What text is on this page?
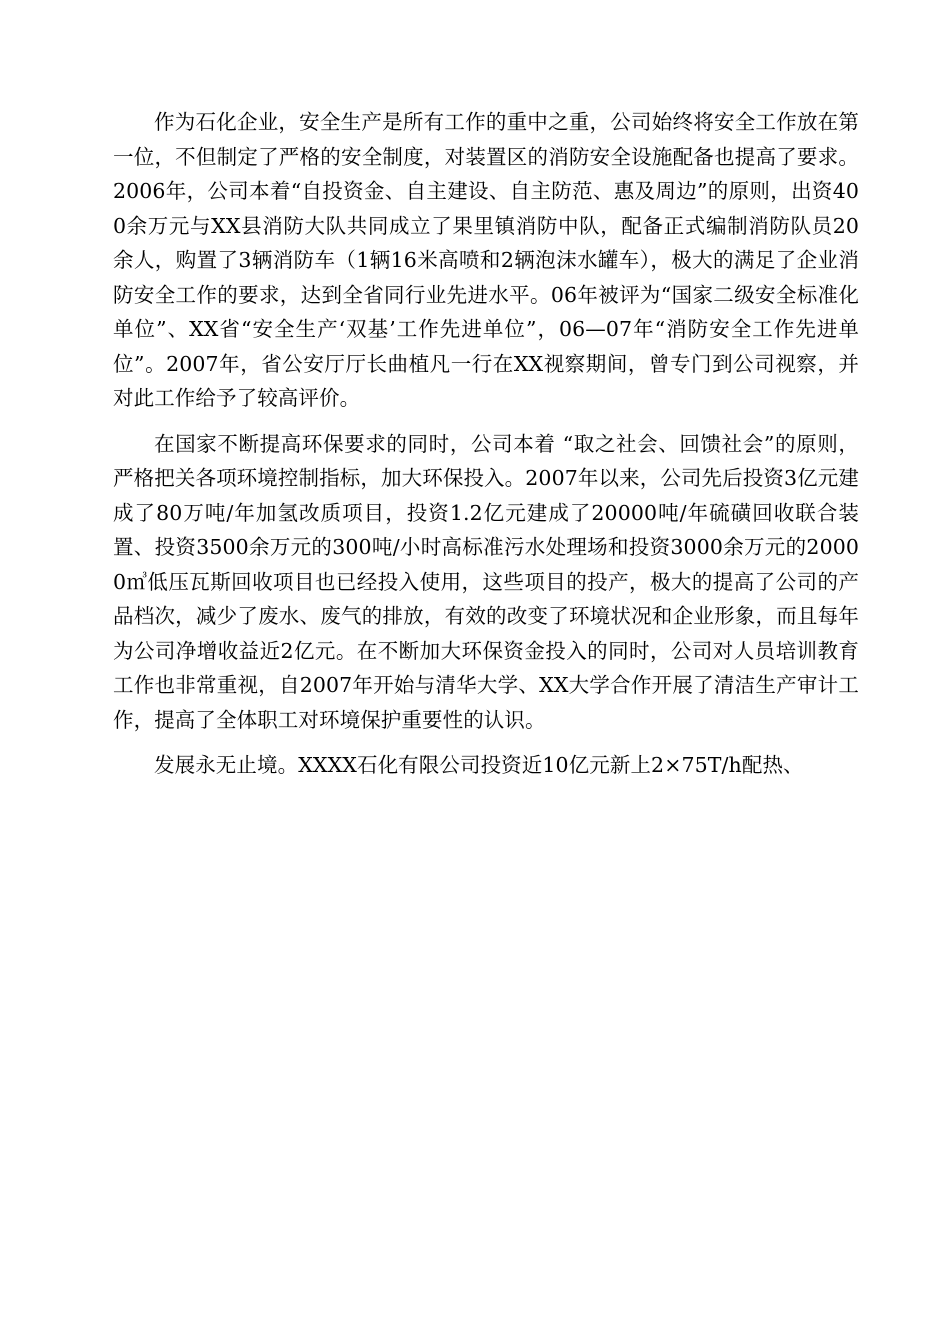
作为石化企业，安全生产是所有工作的重中之重，公司始终将安全工作放在第一位，不但制定了严格的安全制度，对装置区的消防安全设施配备也提高了要求。2006年，公司本着“自投资金、自主建设、自主防范、惠及周边”的原则，出资400余万元与XX县消防大队共同成立了果里镇消防中队，配备正式编制消防队员20余人，购置了3辆消防车（1辆16米高喷和2辆泡沫水罐车），极大的满足了企业消防安全工作的要求，达到全省同行业先进水平。06年被评为“国家二级安全标准化单位”、XX省“安全生产‘双基’工作先进单位”，06—07年“消防安全工作先进单位”。2007年，省公安厅厅长曲植凡一行在XX视察期间，曾专门到公司视察，并对此工作给予了较高评价。

在国家不断提高环保要求的同时，公司本着 “取之社会、回馈社会”的原则，严格把关各项环境控制指标，加大环保投入。2007年以来，公司先后投资3亿元建成了80万吨/年加氢改质项目，投资1.2亿元建成了20000吨/年硫磺回收联合装置、投资3500余万元的300吨/小时高标准污水处理场和投资3000余万元的20000㎥低压瓦斯回收项目也已经投入使用，这些项目的投产，极大的提高了公司的产品档次，减少了废水、废气的排放，有效的改变了环境状况和企业形象，而且每年为公司净增收益近2亿元。在不断加大环保资金投入的同时，公司对人员培训教育工作也非常重视，自2007年开始与清华大学、XX大学合作开展了清洁生产审计工作，提高了全体职工对环境保护重要性的认识。

发展永无止境。XXXX石化有限公司投资近10亿元新上2×75T/h配热、
